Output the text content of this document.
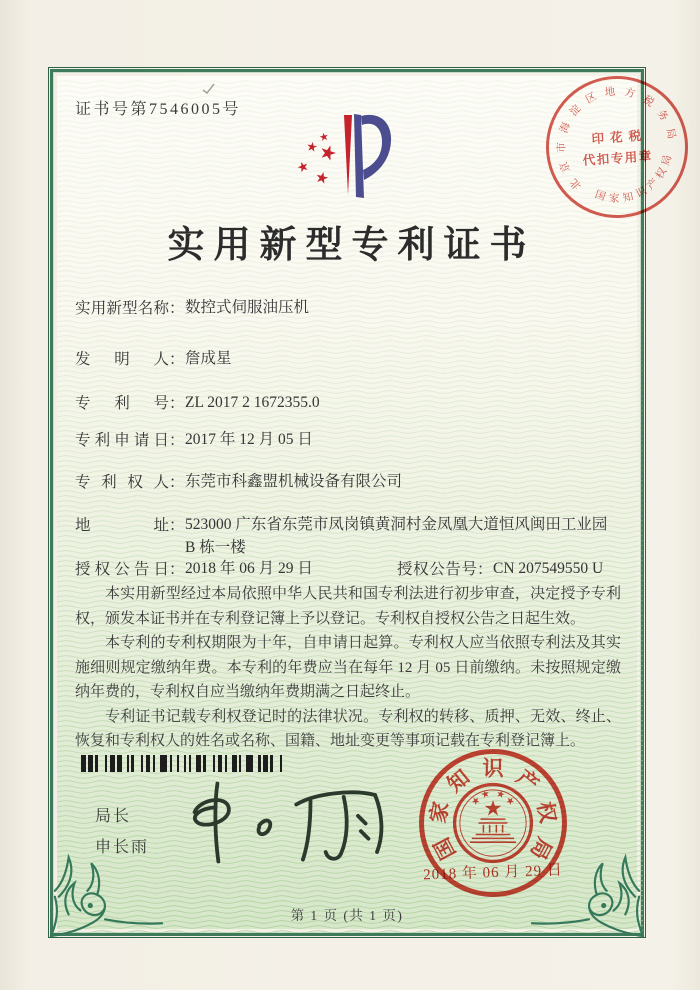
北
京
市
海
淀
区 地 方
税
务
局
国 家 知 识
产
权
局
印花税
代扣专用章
证书号第7546005号
实用新型专利证书
实用新型名称 ： 数控式伺服油压机
发明人 ： 詹成星
专利号 ： ZL 2017 2 1672355.0
专利申请日 ： 2017 年 12 月 05 日
专利权人 ： 东莞市科鑫盟机械设备有限公司
地址 ： 523000 广东省东莞市凤岗镇黄洞村金凤凰大道恒风闽田工业园 B 栋一楼
授权公告日 ： 2018 年 06 月 29 日	授权公告号 ： CN 207549550 U

本实用新型经过本局依照中华人民共和国专利法进行初步审查，决定授予专利权，颁发本证书并在专利登记簿上予以登记。专利权自授权公告之日起生效。

本专利的专利权期限为十年，自申请日起算。专利权人应当依照专利法及其实施细则规定缴纳年费。本专利的年费应当在每年 12 月 05 日前缴纳。未按照规定缴纳年费的，专利权自应当缴纳年费期满之日起终止。

专利证书记载专利权登记时的法律状况。专利权的转移、质押、无效、终止、恢复和专利权人的姓名或名称、国籍、地址变更等事项记载在专利登记簿上。

局长
申长雨	国
家
知 识 产
权
局
2018 年 06 月 29 日
第 1 页 (共 1 页)
